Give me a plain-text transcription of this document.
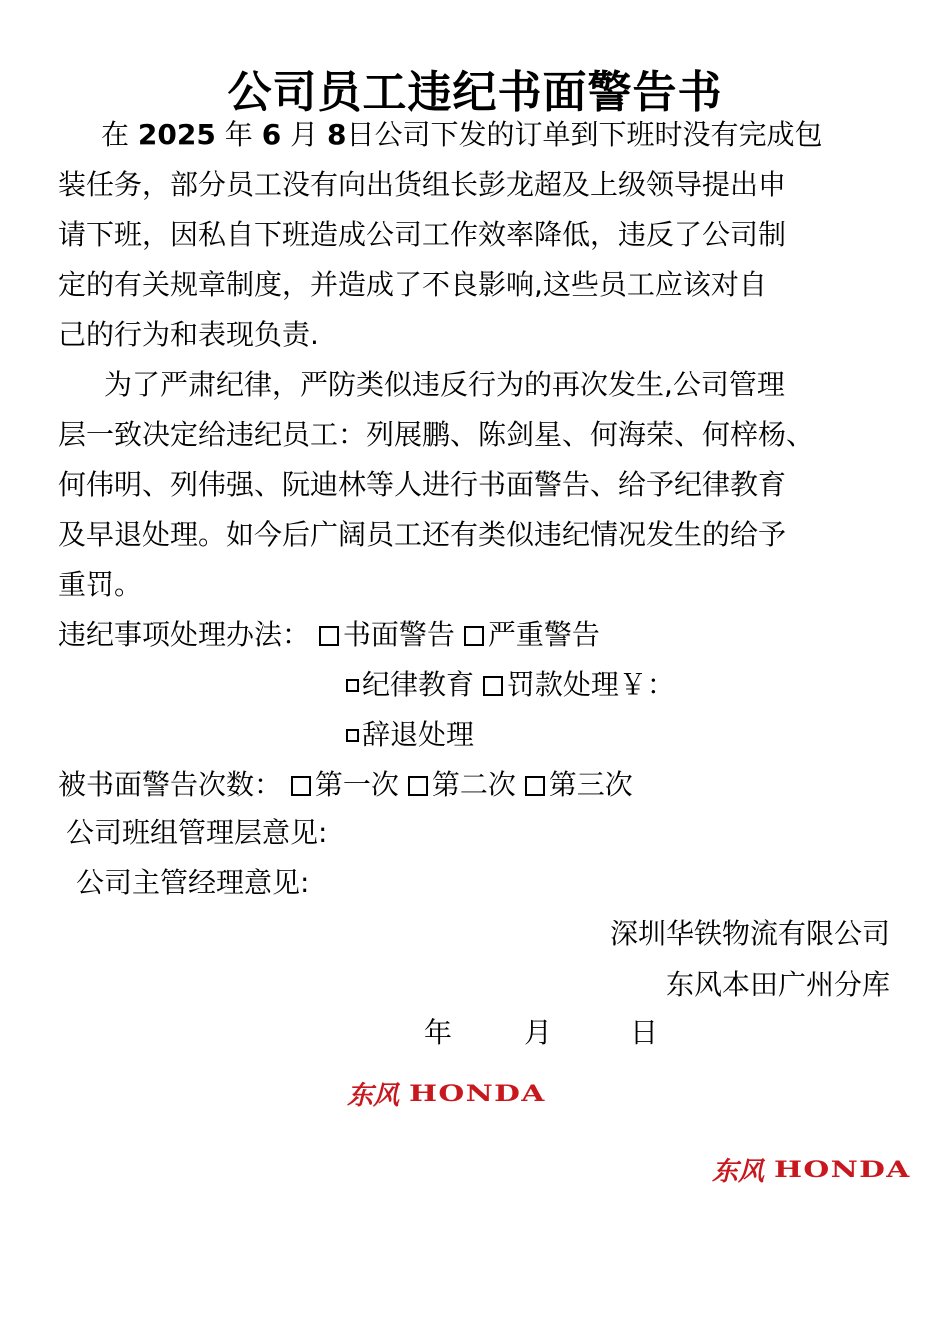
公司员工违纪书面警告书
在 2025 年 6 月 8日公司下发的订单到下班时没有完成包
装任务，部分员工没有向出货组长彭龙超及上级领导提出申
请下班，因私自下班造成公司工作效率降低，违反了公司制
定的有关规章制度，并造成了不良影响,这些员工应该对自
己的行为和表现负责.
为了严肃纪律，严防类似违反行为的再次发生,公司管理
层一致决定给违纪员工：列展鹏、陈剑星、何海荣、何梓杨、
何伟明、列伟强、阮迪林等人进行书面警告、给予纪律教育
及早退处理。如今后广阔员工还有类似违纪情况发生的给予
重罚。
违纪事项处理办法： 书面警告 严重警告
纪律教育 罚款处理￥：
辞退处理
被书面警告次数： 第一次 第二次 第三次
公司班组管理层意见:
公司主管经理意见:
深圳华铁物流有限公司
东风本田广州分库
年	月	日
东风 HONDA
东风 HONDA
